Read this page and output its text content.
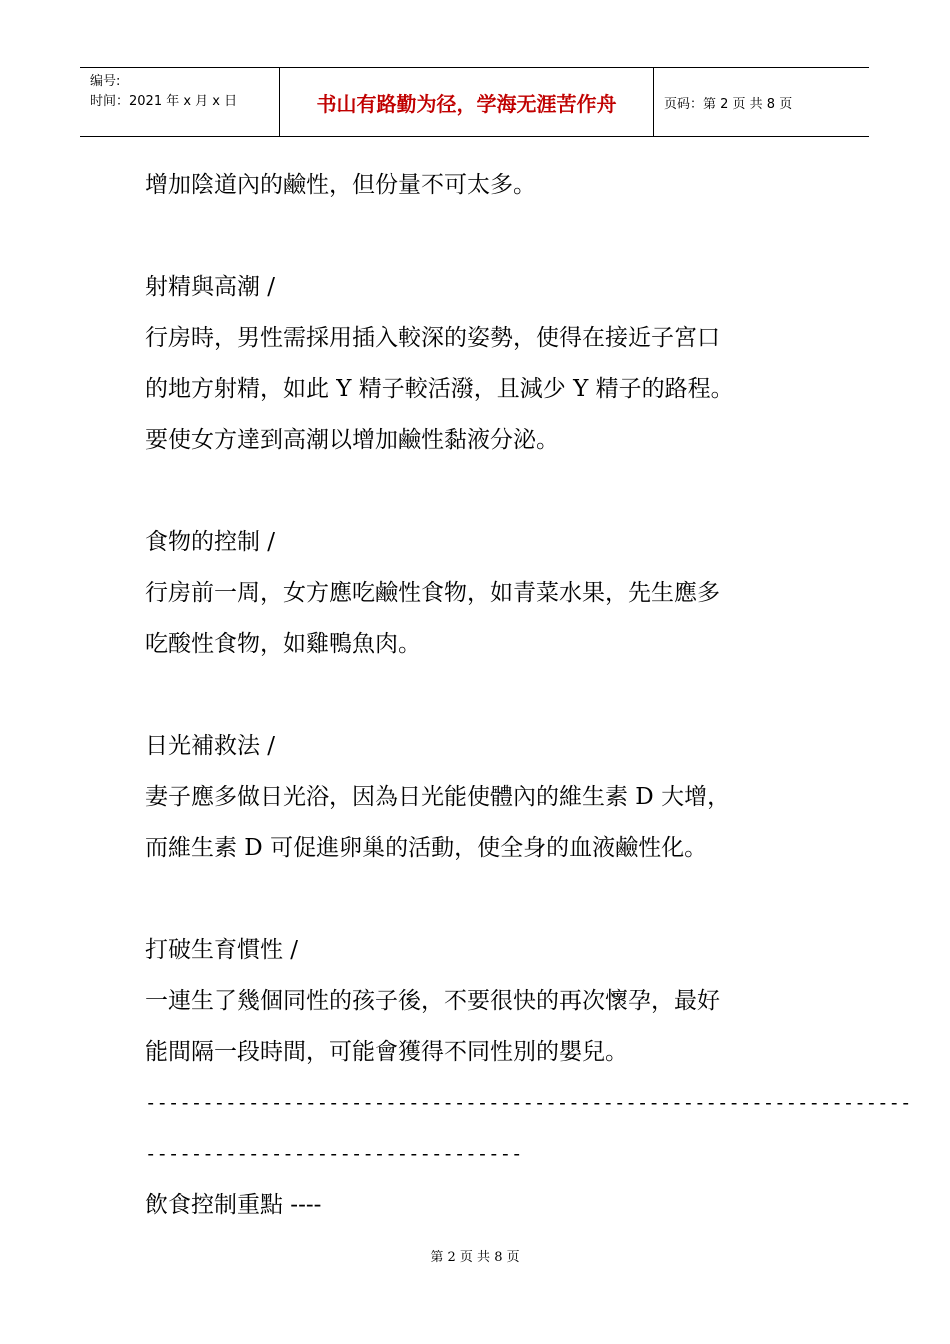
编号:
时间：2021 年 x 月 x 日	书山有路勤为径，学海无涯苦作舟	页码：第 2 页 共 8 页

增加陰道內的鹼性，但份量不可太多。

射精與高潮 /

行房時，男性需採用插入較深的姿勢，使得在接近子宮口

的地方射精，如此 Y 精子較活潑，且減少 Y 精子的路程。

要使女方達到高潮以增加鹼性黏液分泌。

食物的控制 /

行房前一周，女方應吃鹼性食物，如青菜水果，先生應多

吃酸性食物，如雞鴨魚肉。

日光補救法 /

妻子應多做日光浴，因為日光能使體內的維生素 D 大增，

而維生素 D 可促進卵巢的活動，使全身的血液鹼性化。

打破生育慣性 /

一連生了幾個同性的孩子後，不要很快的再次懷孕，最好

能間隔一段時間，可能會獲得不同性別的嬰兒。

-------------------------------------------------------------------

---------------------------------

飲食控制重點 ----

第 2 页 共 8 页
